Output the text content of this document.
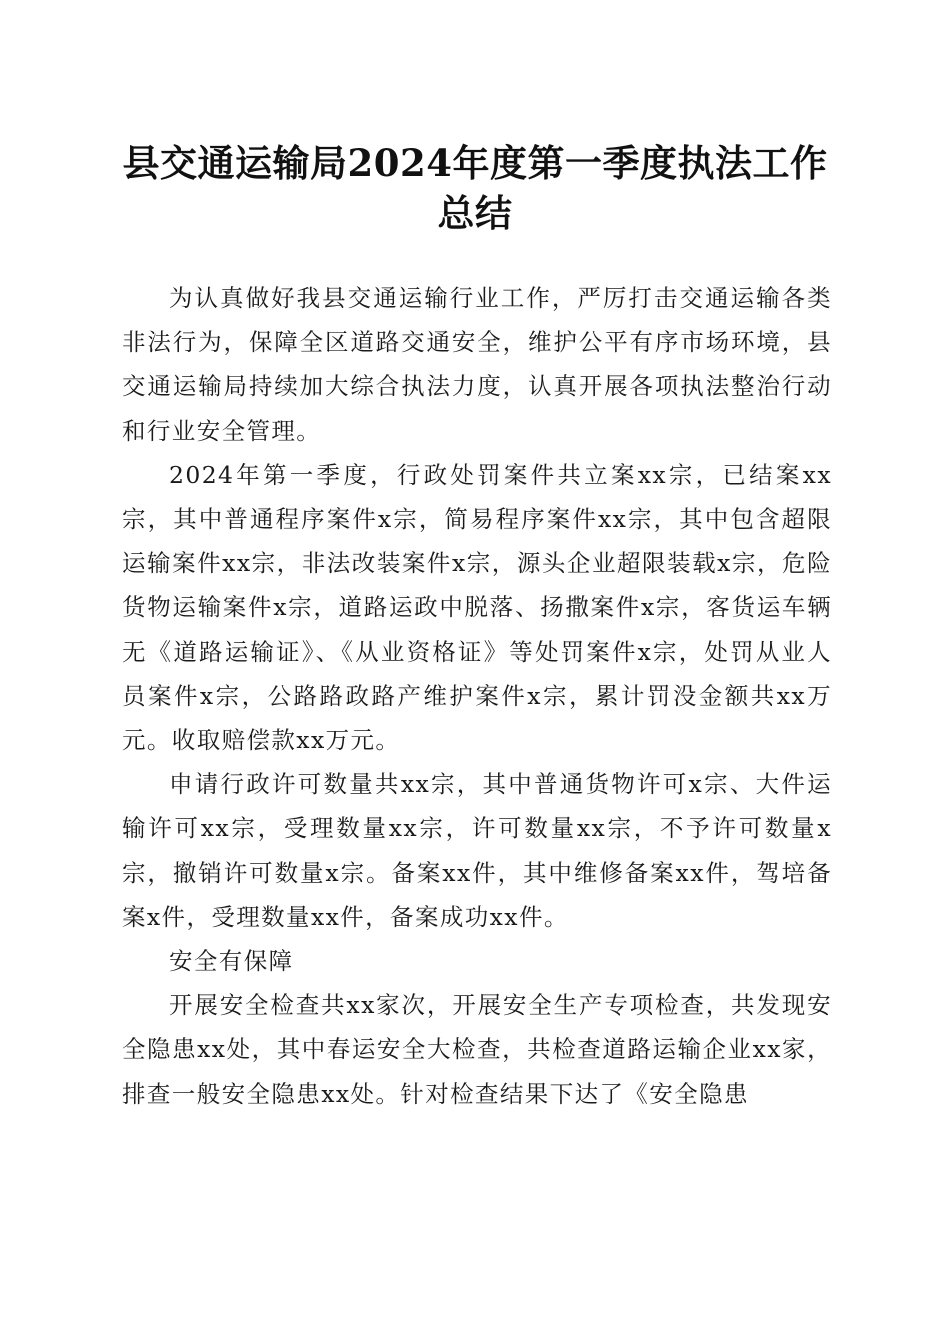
县交通运输局2024年度第一季度执法工作总结

为认真做好我县交通运输行业工作，严厉打击交通运输各类非法行为，保障全区道路交通安全，维护公平有序市场环境，县交通运输局持续加大综合执法力度，认真开展各项执法整治行动和行业安全管理。

2024年第一季度，行政处罚案件共立案xx宗，已结案xx宗，其中普通程序案件x宗，简易程序案件xx宗，其中包含超限运输案件xx宗，非法改装案件x宗，源头企业超限装载x宗，危险货物运输案件x宗，道路运政中脱落、扬撒案件x宗，客货运车辆无《道路运输证》、《从业资格证》等处罚案件x宗，处罚从业人员案件x宗，公路路政路产维护案件x宗，累计罚没金额共xx万元。收取赔偿款xx万元。

申请行政许可数量共xx宗，其中普通货物许可x宗、大件运输许可xx宗，受理数量xx宗，许可数量xx宗，不予许可数量x宗，撤销许可数量x宗。备案xx件，其中维修备案xx件，驾培备案x件，受理数量xx件，备案成功xx件。

安全有保障

开展安全检查共xx家次，开展安全生产专项检查，共发现安全隐患xx处，其中春运安全大检查，共检查道路运输企业xx家，排查一般安全隐患xx处。针对检查结果下达了《安全隐患
